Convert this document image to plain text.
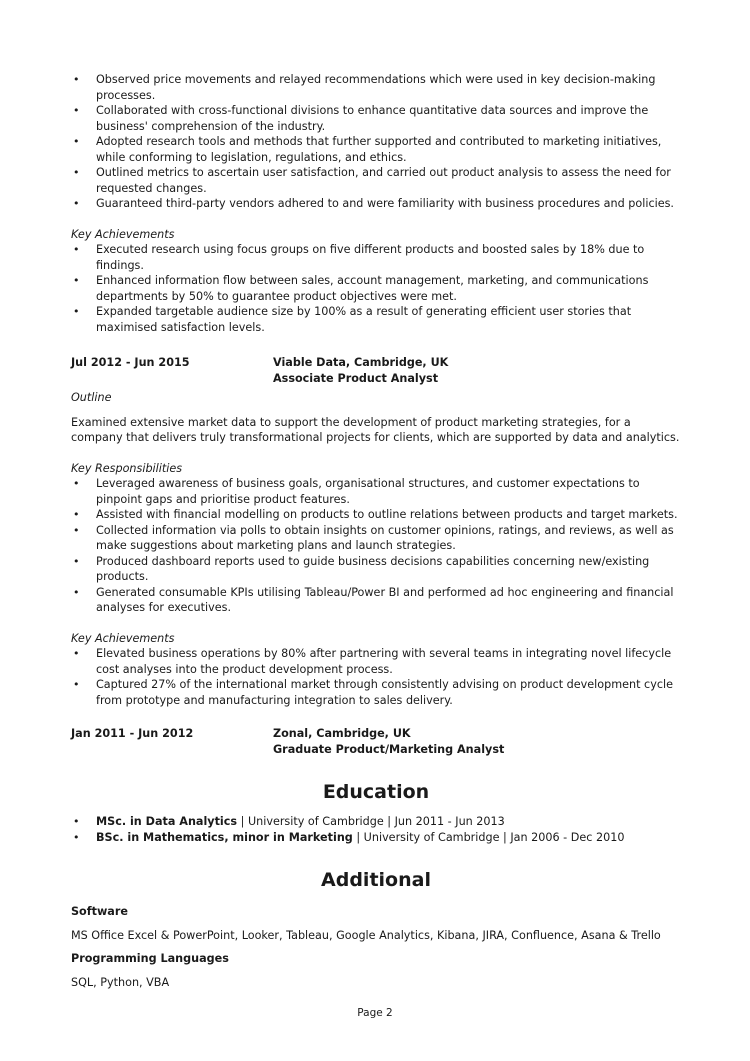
• Observed price movements and relayed recommendations which were used in key decision-making processes.
• Collaborated with cross-functional divisions to enhance quantitative data sources and improve the business' comprehension of the industry.
• Adopted research tools and methods that further supported and contributed to marketing initiatives, while conforming to legislation, regulations, and ethics.
• Outlined metrics to ascertain user satisfaction, and carried out product analysis to assess the need for requested changes.
• Guaranteed third-party vendors adhered to and were familiarity with business procedures and policies.
Key Achievements
• Executed research using focus groups on five different products and boosted sales by 18% due to findings.
• Enhanced information flow between sales, account management, marketing, and communications departments by 50% to guarantee product objectives were met.
• Expanded targetable audience size by 100% as a result of generating efficient user stories that maximised satisfaction levels.
Jul 2012 - Jun 2015	Viable Data, Cambridge, UK
Associate Product Analyst
Outline
Examined extensive market data to support the development of product marketing strategies, for a company that delivers truly transformational projects for clients, which are supported by data and analytics.
Key Responsibilities
• Leveraged awareness of business goals, organisational structures, and customer expectations to pinpoint gaps and prioritise product features.
• Assisted with financial modelling on products to outline relations between products and target markets.
• Collected information via polls to obtain insights on customer opinions, ratings, and reviews, as well as make suggestions about marketing plans and launch strategies.
• Produced dashboard reports used to guide business decisions capabilities concerning new/existing products.
• Generated consumable KPIs utilising Tableau/Power BI and performed ad hoc engineering and financial analyses for executives.
Key Achievements
• Elevated business operations by 80% after partnering with several teams in integrating novel lifecycle cost analyses into the product development process.
• Captured 27% of the international market through consistently advising on product development cycle from prototype and manufacturing integration to sales delivery.
Jan 2011 - Jun 2012	Zonal, Cambridge, UK
Graduate Product/Marketing Analyst
Education
• MSc. in Data Analytics | University of Cambridge | Jun 2011 - Jun 2013
• BSc. in Mathematics, minor in Marketing | University of Cambridge | Jan 2006 - Dec 2010
Additional
Software
MS Office Excel & PowerPoint, Looker, Tableau, Google Analytics, Kibana, JIRA, Confluence, Asana & Trello
Programming Languages
SQL, Python, VBA
Page 2
